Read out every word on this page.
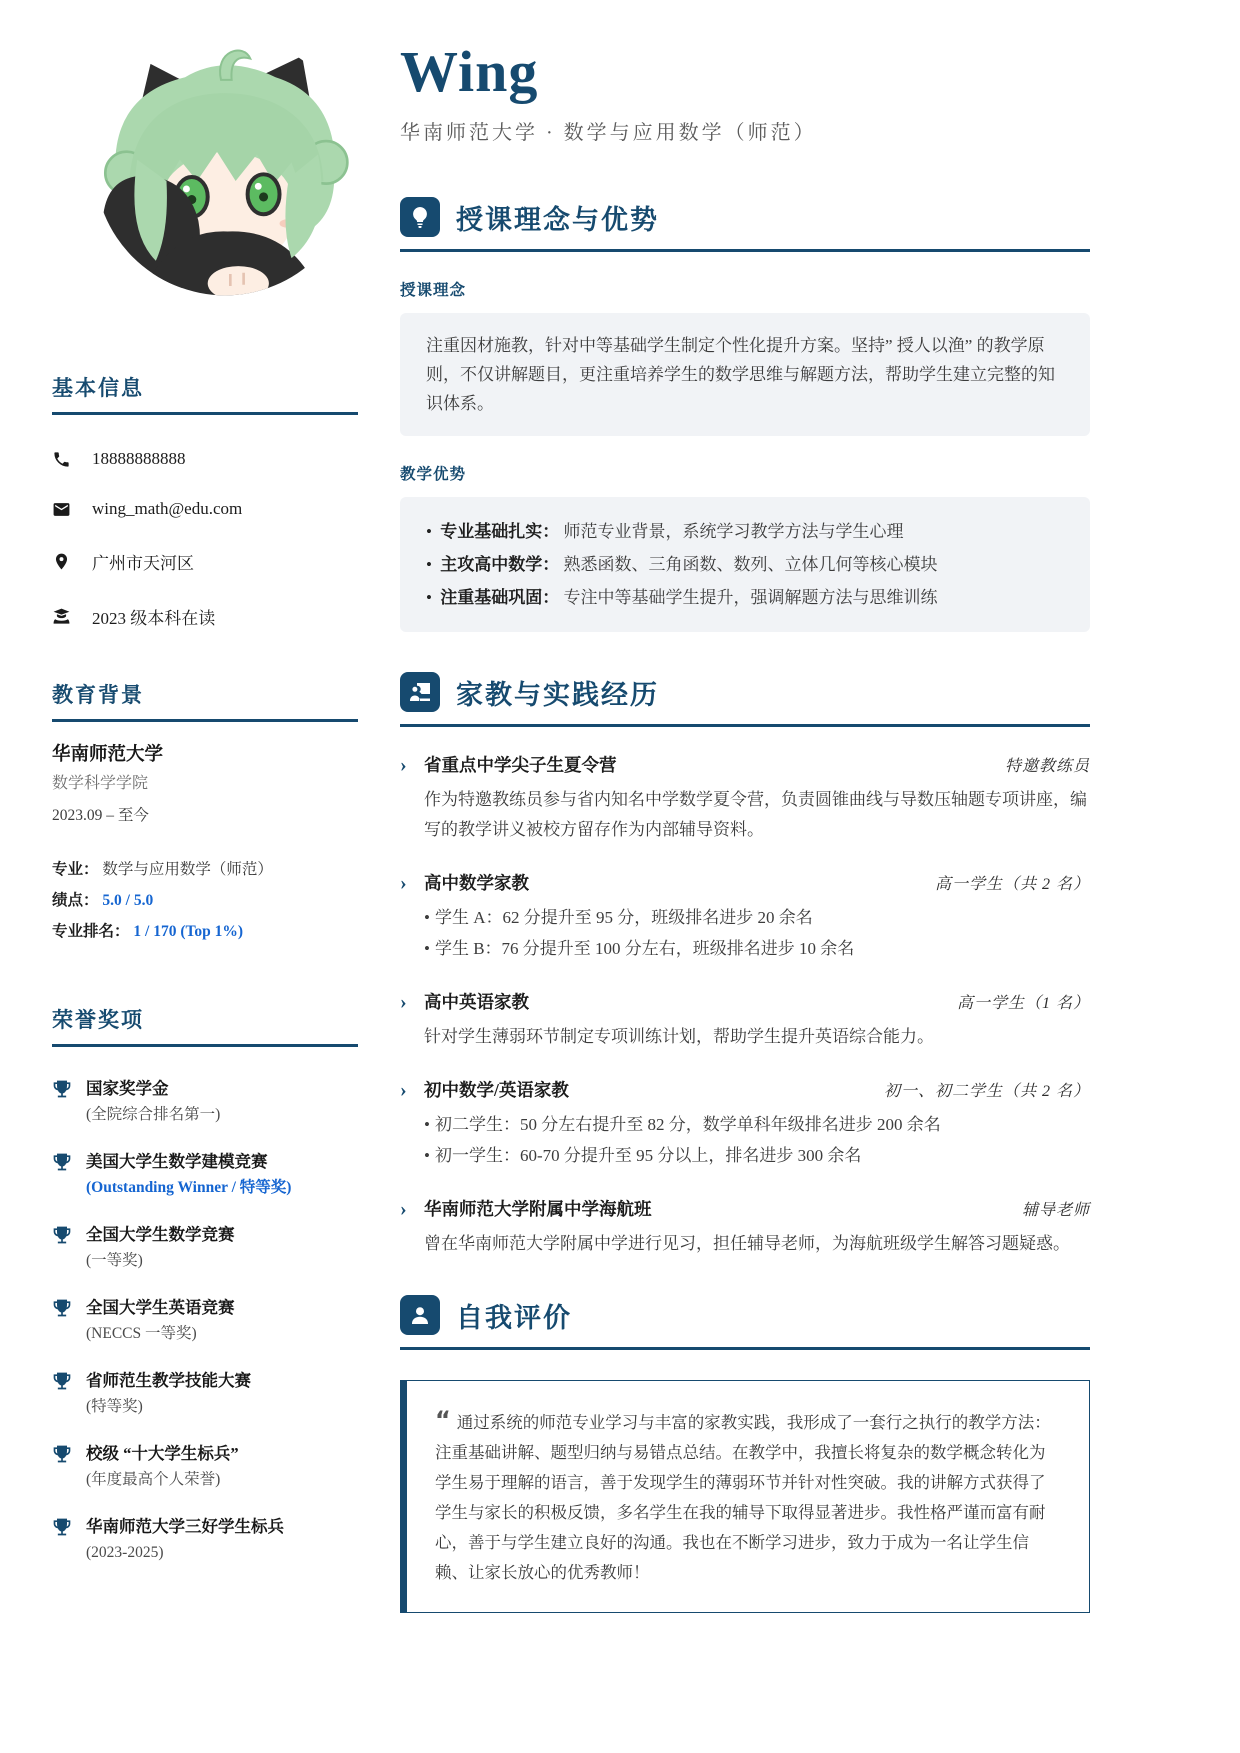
基本信息
18888888888
wing_math@edu.com
广州市天河区
2023 级本科在读
教育背景
华南师范大学
数学科学学院
2023.09 – 至今
专业： 数学与应用数学（师范）
绩点： 5.0 / 5.0
专业排名： 1 / 170 (Top 1%)
荣誉奖项
国家奖学金
(全院综合排名第一)
美国大学生数学建模竞赛
(Outstanding Winner / 特等奖)
全国大学生数学竞赛
(一等奖)
全国大学生英语竞赛
(NECCS 一等奖)
省师范生教学技能大赛
(特等奖)
校级 “十大学生标兵”
(年度最高个人荣誉)
华南师范大学三好学生标兵
(2023-2025)
Wing
华南师范大学 · 数学与应用数学（师范）
授课理念与优势
授课理念
注重因材施教，针对中等基础学生制定个性化提升方案。坚持” 授人以渔” 的教学原则，不仅讲解题目，更注重培养学生的数学思维与解题方法，帮助学生建立完整的知识体系。
教学优势
• 专业基础扎实： 师范专业背景，系统学习教学方法与学生心理
• 主攻高中数学： 熟悉函数、三角函数、数列、立体几何等核心模块
• 注重基础巩固： 专注中等基础学生提升，强调解题方法与思维训练
家教与实践经历
› 省重点中学尖子生夏令营	特邀教练员
作为特邀教练员参与省内知名中学数学夏令营，负责圆锥曲线与导数压轴题专项讲座，编写的教学讲义被校方留存作为内部辅导资料。
› 高中数学家教	高一学生（共 2 名）
• 学生 A：62 分提升至 95 分，班级排名进步 20 余名
• 学生 B：76 分提升至 100 分左右，班级排名进步 10 余名
› 高中英语家教	高一学生（1 名）
针对学生薄弱环节制定专项训练计划，帮助学生提升英语综合能力。
› 初中数学/英语家教	初一、初二学生（共 2 名）
• 初二学生：50 分左右提升至 82 分，数学单科年级排名进步 200 余名
• 初一学生：60-70 分提升至 95 分以上，排名进步 300 余名
› 华南师范大学附属中学海航班	辅导老师
曾在华南师范大学附属中学进行见习，担任辅导老师，为海航班级学生解答习题疑惑。
自我评价
“ 通过系统的师范专业学习与丰富的家教实践，我形成了一套行之执行的教学方法：注重基础讲解、题型归纳与易错点总结。在教学中，我擅长将复杂的数学概念转化为学生易于理解的语言，善于发现学生的薄弱环节并针对性突破。我的讲解方式获得了学生与家长的积极反馈，多名学生在我的辅导下取得显著进步。我性格严谨而富有耐心，善于与学生建立良好的沟通。我也在不断学习进步，致力于成为一名让学生信赖、让家长放心的优秀教师！
